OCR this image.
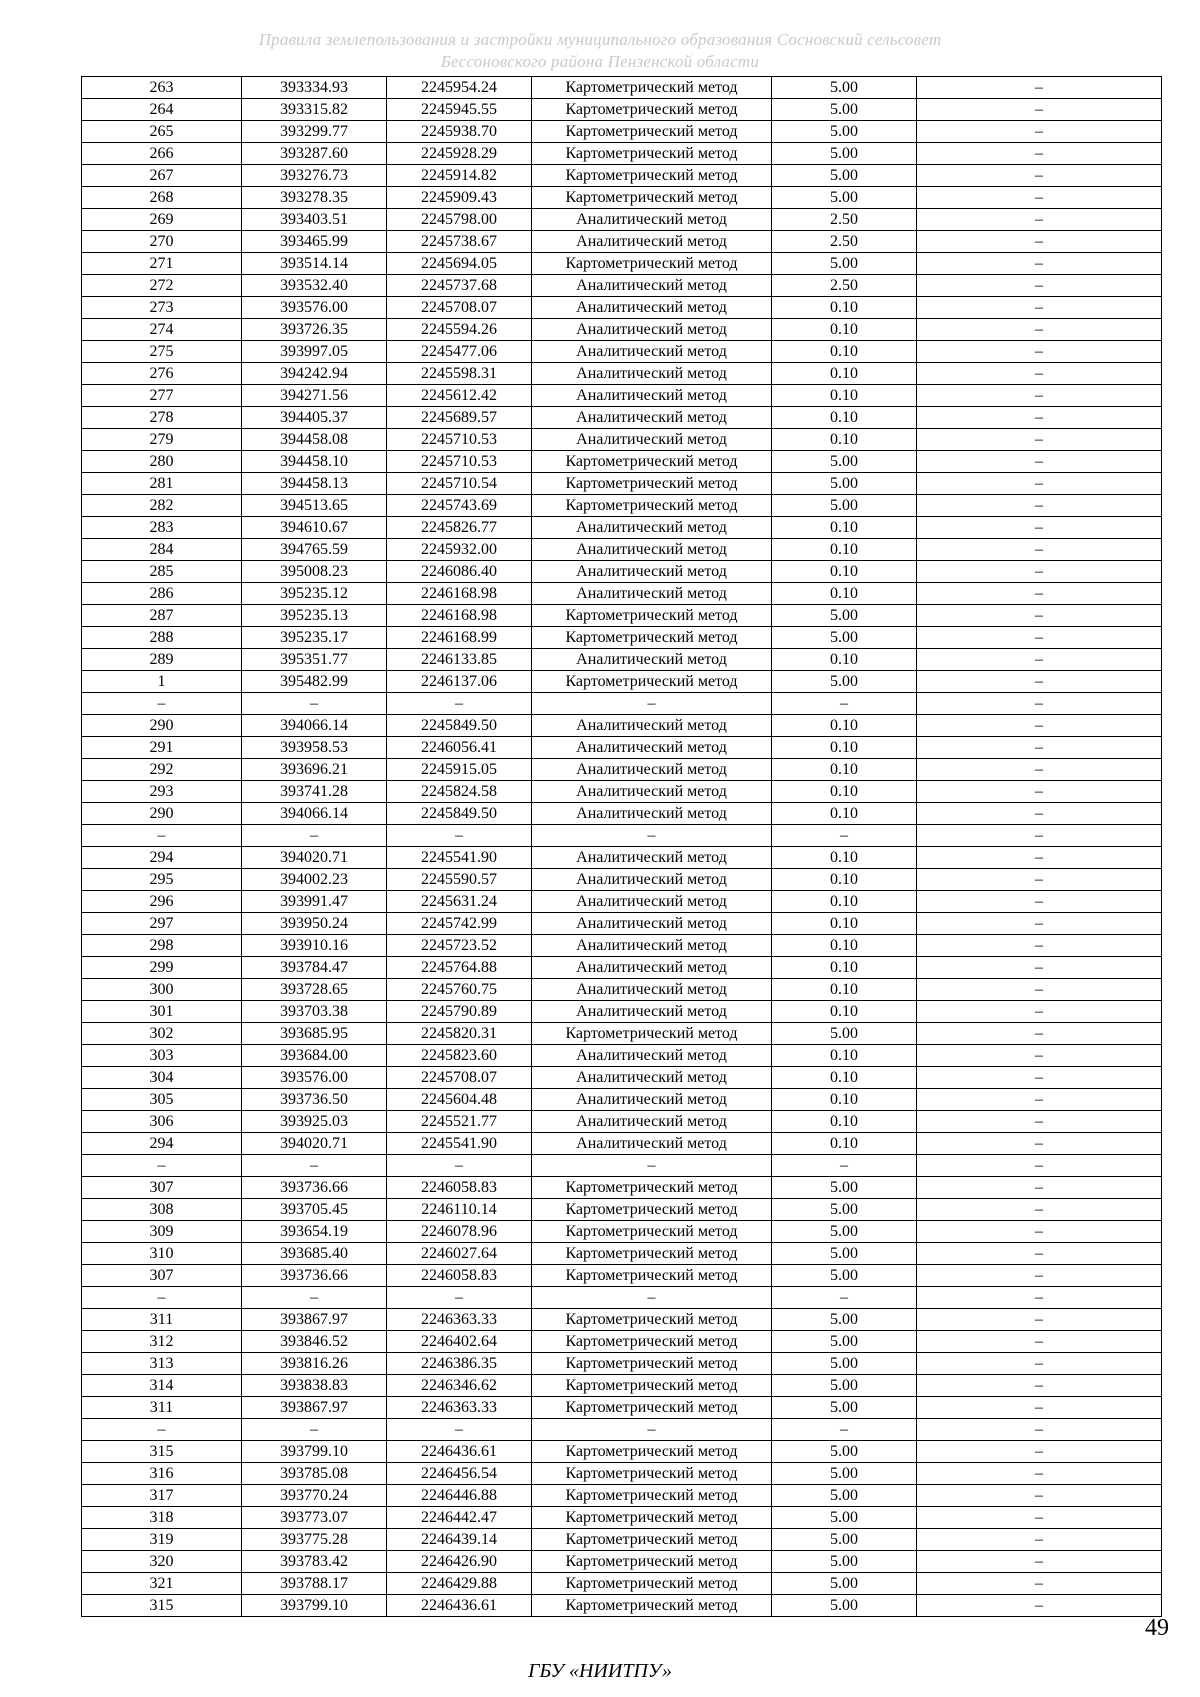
Правила землепользования и застройки муниципального образования Сосновский сельсовет
Бессоновского района Пензенской области
263	393334.93	2245954.24	Картометрический метод	5.00	–
264	393315.82	2245945.55	Картометрический метод	5.00	–
265	393299.77	2245938.70	Картометрический метод	5.00	–
266	393287.60	2245928.29	Картометрический метод	5.00	–
267	393276.73	2245914.82	Картометрический метод	5.00	–
268	393278.35	2245909.43	Картометрический метод	5.00	–
269	393403.51	2245798.00	Аналитический метод	2.50	–
270	393465.99	2245738.67	Аналитический метод	2.50	–
271	393514.14	2245694.05	Картометрический метод	5.00	–
272	393532.40	2245737.68	Аналитический метод	2.50	–
273	393576.00	2245708.07	Аналитический метод	0.10	–
274	393726.35	2245594.26	Аналитический метод	0.10	–
275	393997.05	2245477.06	Аналитический метод	0.10	–
276	394242.94	2245598.31	Аналитический метод	0.10	–
277	394271.56	2245612.42	Аналитический метод	0.10	–
278	394405.37	2245689.57	Аналитический метод	0.10	–
279	394458.08	2245710.53	Аналитический метод	0.10	–
280	394458.10	2245710.53	Картометрический метод	5.00	–
281	394458.13	2245710.54	Картометрический метод	5.00	–
282	394513.65	2245743.69	Картометрический метод	5.00	–
283	394610.67	2245826.77	Аналитический метод	0.10	–
284	394765.59	2245932.00	Аналитический метод	0.10	–
285	395008.23	2246086.40	Аналитический метод	0.10	–
286	395235.12	2246168.98	Аналитический метод	0.10	–
287	395235.13	2246168.98	Картометрический метод	5.00	–
288	395235.17	2246168.99	Картометрический метод	5.00	–
289	395351.77	2246133.85	Аналитический метод	0.10	–
1	395482.99	2246137.06	Картометрический метод	5.00	–
–	–	–	–	–	–
290	394066.14	2245849.50	Аналитический метод	0.10	–
291	393958.53	2246056.41	Аналитический метод	0.10	–
292	393696.21	2245915.05	Аналитический метод	0.10	–
293	393741.28	2245824.58	Аналитический метод	0.10	–
290	394066.14	2245849.50	Аналитический метод	0.10	–
–	–	–	–	–	–
294	394020.71	2245541.90	Аналитический метод	0.10	–
295	394002.23	2245590.57	Аналитический метод	0.10	–
296	393991.47	2245631.24	Аналитический метод	0.10	–
297	393950.24	2245742.99	Аналитический метод	0.10	–
298	393910.16	2245723.52	Аналитический метод	0.10	–
299	393784.47	2245764.88	Аналитический метод	0.10	–
300	393728.65	2245760.75	Аналитический метод	0.10	–
301	393703.38	2245790.89	Аналитический метод	0.10	–
302	393685.95	2245820.31	Картометрический метод	5.00	–
303	393684.00	2245823.60	Аналитический метод	0.10	–
304	393576.00	2245708.07	Аналитический метод	0.10	–
305	393736.50	2245604.48	Аналитический метод	0.10	–
306	393925.03	2245521.77	Аналитический метод	0.10	–
294	394020.71	2245541.90	Аналитический метод	0.10	–
–	–	–	–	–	–
307	393736.66	2246058.83	Картометрический метод	5.00	–
308	393705.45	2246110.14	Картометрический метод	5.00	–
309	393654.19	2246078.96	Картометрический метод	5.00	–
310	393685.40	2246027.64	Картометрический метод	5.00	–
307	393736.66	2246058.83	Картометрический метод	5.00	–
–	–	–	–	–	–
311	393867.97	2246363.33	Картометрический метод	5.00	–
312	393846.52	2246402.64	Картометрический метод	5.00	–
313	393816.26	2246386.35	Картометрический метод	5.00	–
314	393838.83	2246346.62	Картометрический метод	5.00	–
311	393867.97	2246363.33	Картометрический метод	5.00	–
–	–	–	–	–	–
315	393799.10	2246436.61	Картометрический метод	5.00	–
316	393785.08	2246456.54	Картометрический метод	5.00	–
317	393770.24	2246446.88	Картометрический метод	5.00	–
318	393773.07	2246442.47	Картометрический метод	5.00	–
319	393775.28	2246439.14	Картометрический метод	5.00	–
320	393783.42	2246426.90	Картометрический метод	5.00	–
321	393788.17	2246429.88	Картометрический метод	5.00	–
315	393799.10	2246436.61	Картометрический метод	5.00	–
49
ГБУ «НИИТПУ»
